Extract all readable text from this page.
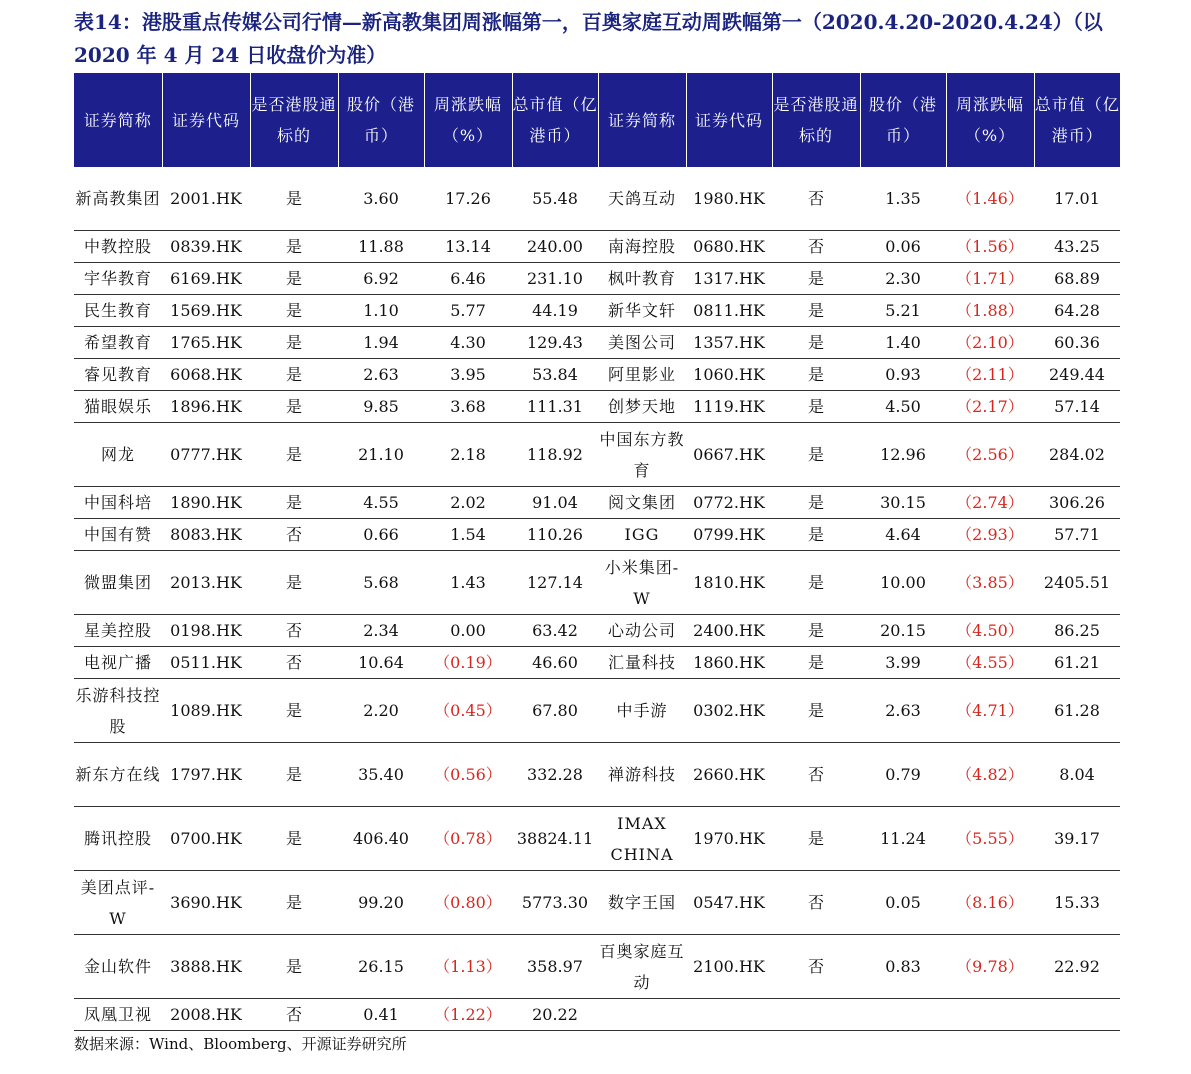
表14：港股重点传媒公司行情—新高教集团周涨幅第一，百奥家庭互动周跌幅第一（2020.4.20-2020.4.24）（以 2020 年 4 月 24 日收盘价为准）
证券简称	证券代码	是否港股通标的	股价（港币）	周涨跌幅（%）	总市值（亿港币）	证券简称	证券代码	是否港股通标的	股价（港币）	周涨跌幅（%）	总市值（亿港币）
新高教集团	2001.HK	是	3.60	17.26	55.48	天鸽互动	1980.HK	否	1.35	（1.46）	17.01
中教控股	0839.HK	是	11.88	13.14	240.00	南海控股	0680.HK	否	0.06	（1.56）	43.25
宇华教育	6169.HK	是	6.92	6.46	231.10	枫叶教育	1317.HK	是	2.30	（1.71）	68.89
民生教育	1569.HK	是	1.10	5.77	44.19	新华文轩	0811.HK	是	5.21	（1.88）	64.28
希望教育	1765.HK	是	1.94	4.30	129.43	美图公司	1357.HK	是	1.40	（2.10）	60.36
睿见教育	6068.HK	是	2.63	3.95	53.84	阿里影业	1060.HK	是	0.93	（2.11）	249.44
猫眼娱乐	1896.HK	是	9.85	3.68	111.31	创梦天地	1119.HK	是	4.50	（2.17）	57.14
网龙	0777.HK	是	21.10	2.18	118.92	中国东方教育	0667.HK	是	12.96	（2.56）	284.02
中国科培	1890.HK	是	4.55	2.02	91.04	阅文集团	0772.HK	是	30.15	（2.74）	306.26
中国有赞	8083.HK	否	0.66	1.54	110.26	IGG	0799.HK	是	4.64	（2.93）	57.71
微盟集团	2013.HK	是	5.68	1.43	127.14	小米集团-W	1810.HK	是	10.00	（3.85）	2405.51
星美控股	0198.HK	否	2.34	0.00	63.42	心动公司	2400.HK	是	20.15	（4.50）	86.25
电视广播	0511.HK	否	10.64	（0.19）	46.60	汇量科技	1860.HK	是	3.99	（4.55）	61.21
乐游科技控股	1089.HK	是	2.20	（0.45）	67.80	中手游	0302.HK	是	2.63	（4.71）	61.28
新东方在线	1797.HK	是	35.40	（0.56）	332.28	禅游科技	2660.HK	否	0.79	（4.82）	8.04
腾讯控股	0700.HK	是	406.40	（0.78）	38824.11	IMAX CHINA	1970.HK	是	11.24	（5.55）	39.17
美团点评-W	3690.HK	是	99.20	（0.80）	5773.30	数字王国	0547.HK	否	0.05	（8.16）	15.33
金山软件	3888.HK	是	26.15	（1.13）	358.97	百奥家庭互动	2100.HK	否	0.83	（9.78）	22.92
凤凰卫视	2008.HK	否	0.41	（1.22）	20.22						
数据来源：Wind、Bloomberg、开源证券研究所
